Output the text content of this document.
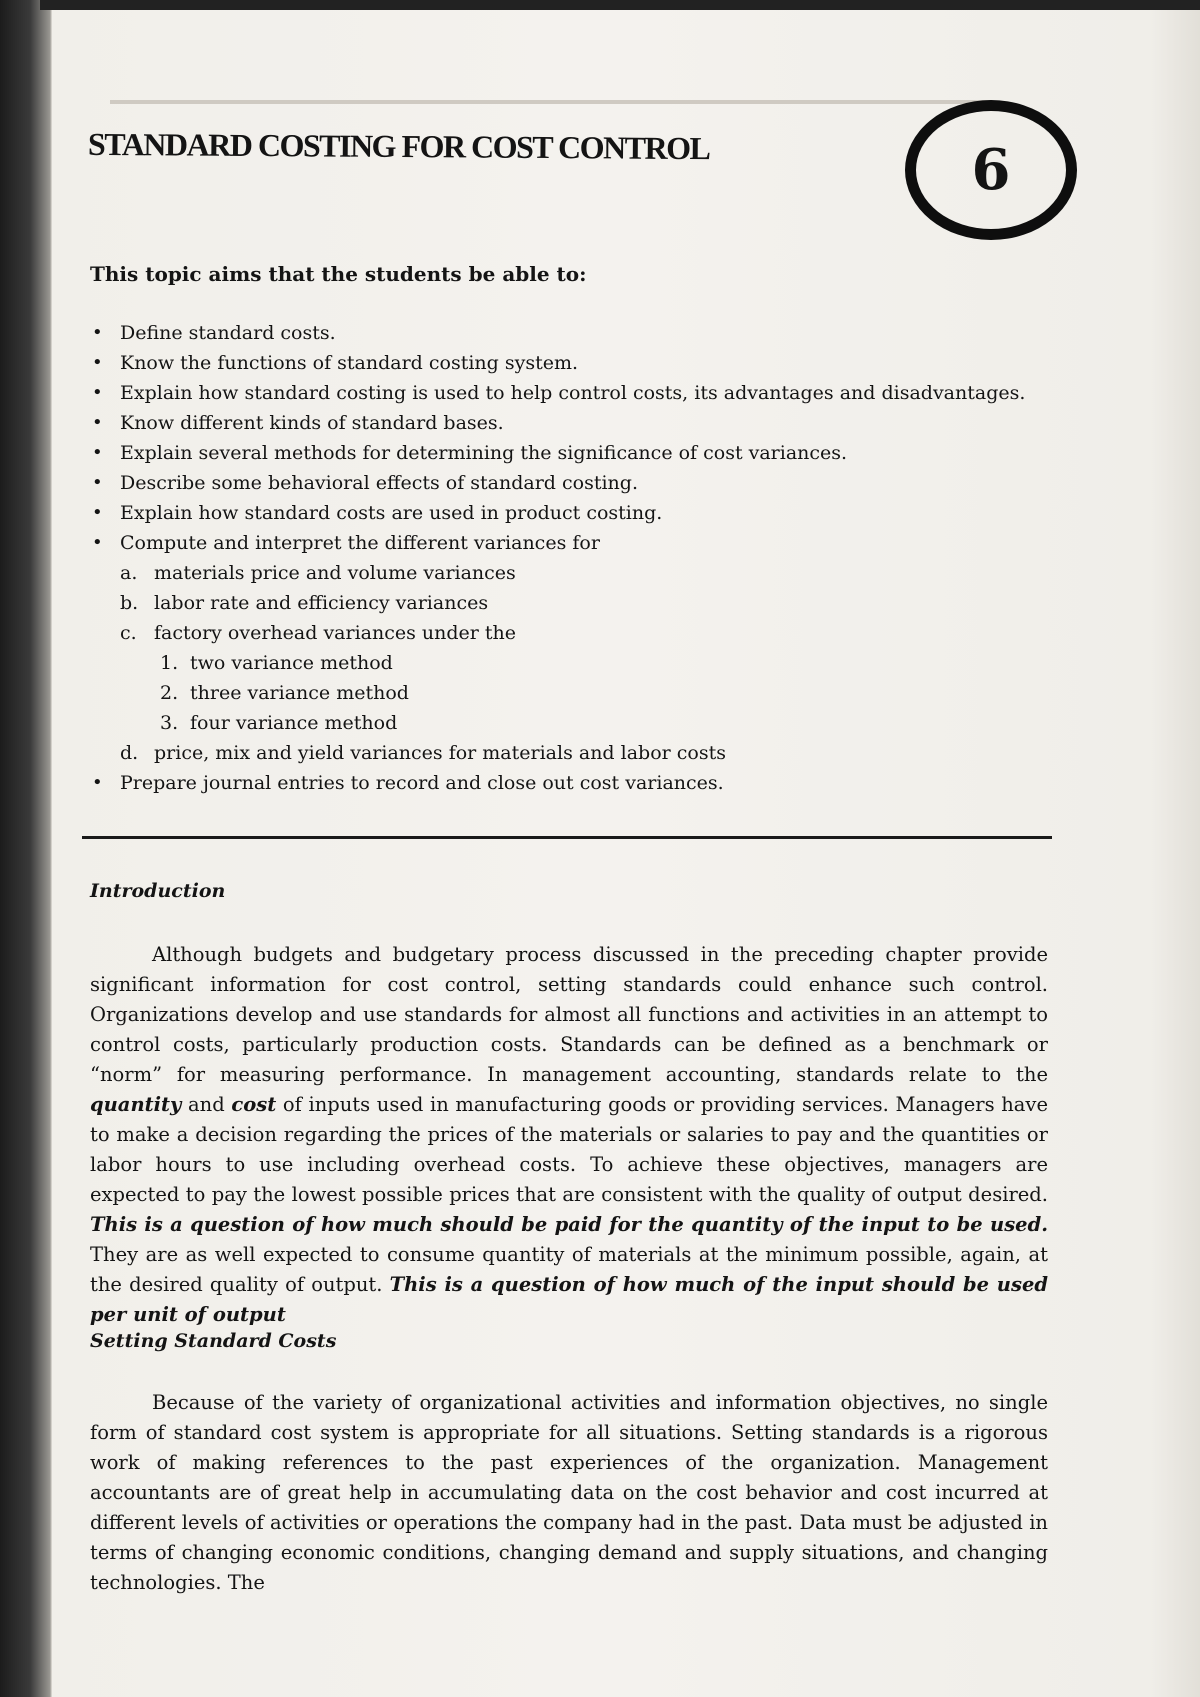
STANDARD COSTING FOR COST CONTROL	6

This topic aims that the students be able to:

• Define standard costs.
• Know the functions of standard costing system.
• Explain how standard costing is used to help control costs, its advantages and disadvantages.
• Know different kinds of standard bases.
• Explain several methods for determining the significance of cost variances.
• Describe some behavioral effects of standard costing.
• Explain how standard costs are used in product costing.
• Compute and interpret the different variances for
a. materials price and volume variances
b. labor rate and efficiency variances
c. factory overhead variances under the
1. two variance method
2. three variance method
3. four variance method
d. price, mix and yield variances for materials and labor costs
• Prepare journal entries to record and close out cost variances.
Introduction

Although budgets and budgetary process discussed in the preceding chapter provide significant information for cost control, setting standards could enhance such control. Organizations develop and use standards for almost all functions and activities in an attempt to control costs, particularly production costs. Standards can be defined as a benchmark or “norm” for measuring performance. In management accounting, standards relate to the quantity and cost of inputs used in manufacturing goods or providing services. Managers have to make a decision regarding the prices of the materials or salaries to pay and the quantities or labor hours to use including overhead costs. To achieve these objectives, managers are expected to pay the lowest possible prices that are consistent with the quality of output desired. This is a question of how much should be paid for the quantity of the input to be used. They are as well expected to consume quantity of materials at the minimum possible, again, at the desired quality of output. This is a question of how much of the input should be used per unit of output

Setting Standard Costs

Because of the variety of organizational activities and information objectives, no single form of standard cost system is appropriate for all situations. Setting standards is a rigorous work of making references to the past experiences of the organization. Management accountants are of great help in accumulating data on the cost behavior and cost incurred at different levels of activities or operations the company had in the past. Data must be adjusted in terms of changing economic conditions, changing demand and supply situations, and changing technologies. The
